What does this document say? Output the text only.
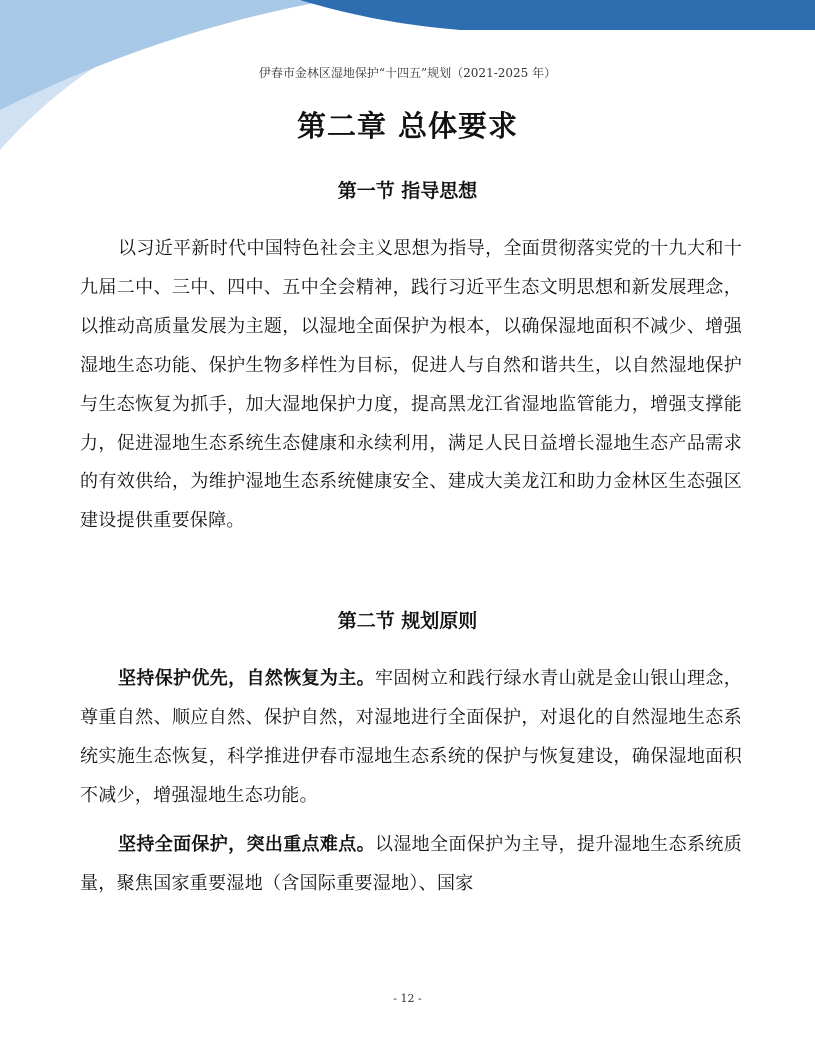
伊春市金林区湿地保护“十四五”规划（2021-2025 年）
第二章 总体要求
第一节 指导思想
以习近平新时代中国特色社会主义思想为指导，全面贯彻落实党的十九大和十九届二中、三中、四中、五中全会精神，践行习近平生态文明思想和新发展理念，以推动高质量发展为主题，以湿地全面保护为根本，以确保湿地面积不减少、增强湿地生态功能、保护生物多样性为目标，促进人与自然和谐共生，以自然湿地保护与生态恢复为抓手，加大湿地保护力度，提高黑龙江省湿地监管能力，增强支撑能力，促进湿地生态系统生态健康和永续利用，满足人民日益增长湿地生态产品需求的有效供给，为维护湿地生态系统健康安全、建成大美龙江和助力金林区生态强区建设提供重要保障。
第二节 规划原则
坚持保护优先，自然恢复为主。牢固树立和践行绿水青山就是金山银山理念，尊重自然、顺应自然、保护自然，对湿地进行全面保护，对退化的自然湿地生态系统实施生态恢复，科学推进伊春市湿地生态系统的保护与恢复建设，确保湿地面积不减少，增强湿地生态功能。
坚持全面保护，突出重点难点。以湿地全面保护为主导，提升湿地生态系统质量，聚焦国家重要湿地（含国际重要湿地）、国家
- 12 -
